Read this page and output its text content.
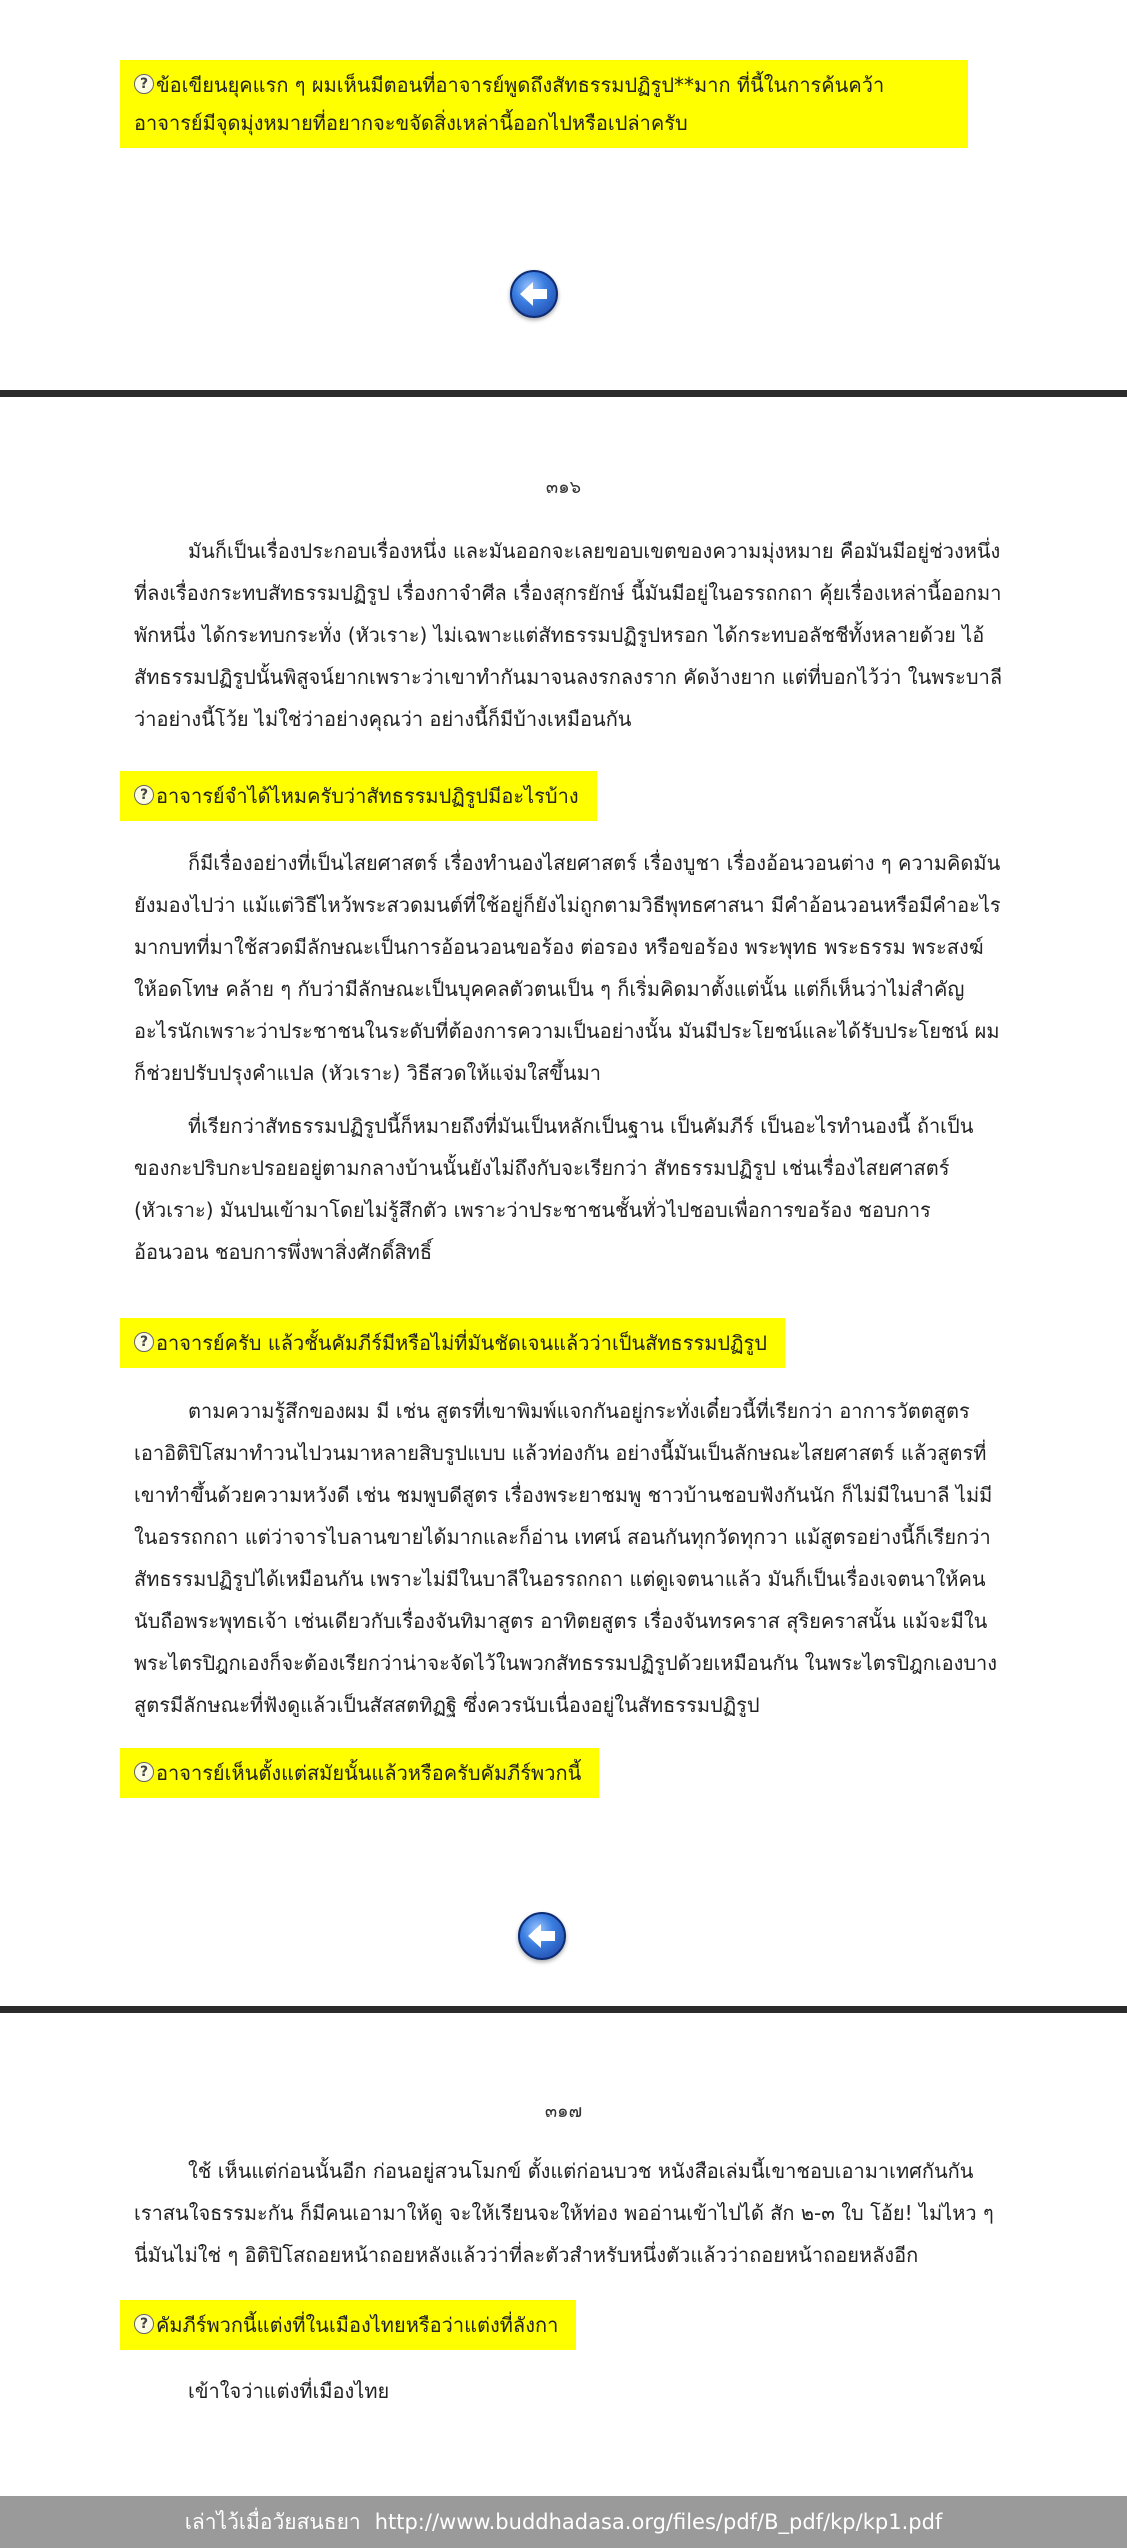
? ข้อเขียนยุคแรก ๆ ผมเห็นมีตอนที่อาจารย์พูดถึงสัทธรรมปฏิรูป**มาก ที่นี้ในการค้นคว้า อาจารย์มีจุดมุ่งหมายที่อยากจะขจัดสิ่งเหล่านี้ออกไปหรือเปล่าครับ
๓๑๖
มันก็เป็นเรื่องประกอบเรื่องหนึ่ง และมันออกจะเลยขอบเขตของความมุ่งหมาย คือมันมีอยู่ช่วงหนึ่งที่ลงเรื่องกระทบสัทธรรมปฏิรูป เรื่องกาจำศีล เรื่องสุกรยักษ์ นี้มันมีอยู่ในอรรถกถา คุ้ยเรื่องเหล่านี้ออกมาพักหนึ่ง ได้กระทบกระทั่ง (หัวเราะ) ไม่เฉพาะแต่สัทธรรมปฏิรูปหรอก ได้กระทบอลัชชีทั้งหลายด้วย ไอ้สัทธรรมปฏิรูปนั้นพิสูจน์ยากเพราะว่าเขาทำกันมาจนลงรกลงราก คัดง้างยาก แต่ที่บอกไว้ว่า ในพระบาลีว่าอย่างนี้โว้ย ไม่ใช่ว่าอย่างคุณว่า อย่างนี้ก็มีบ้างเหมือนกัน
? อาจารย์จำได้ไหมครับว่าสัทธรรมปฏิรูปมีอะไรบ้าง
ก็มีเรื่องอย่างที่เป็นไสยศาสตร์ เรื่องทำนองไสยศาสตร์ เรื่องบูชา เรื่องอ้อนวอนต่าง ๆ ความคิดมันยังมองไปว่า แม้แต่วิธีไหว้พระสวดมนต์ที่ใช้อยู่ก็ยังไม่ถูกตามวิธีพุทธศาสนา มีคำอ้อนวอนหรือมีคำอะไรมากบทที่มาใช้สวดมีลักษณะเป็นการอ้อนวอนขอร้อง ต่อรอง หรือขอร้อง พระพุทธ พระธรรม พระสงฆ์ให้อดโทษ คล้าย ๆ กับว่ามีลักษณะเป็นบุคคลตัวตนเป็น ๆ ก็เริ่มคิดมาตั้งแต่นั้น แต่ก็เห็นว่าไม่สำคัญอะไรนักเพราะว่าประชาชนในระดับที่ต้องการความเป็นอย่างนั้น มันมีประโยชน์และได้รับประโยชน์ ผมก็ช่วยปรับปรุงคำแปล (หัวเราะ) วิธีสวดให้แจ่มใสขึ้นมา
ที่เรียกว่าสัทธรรมปฏิรูปนี้ก็หมายถึงที่มันเป็นหลักเป็นฐาน เป็นคัมภีร์ เป็นอะไรทำนองนี้ ถ้าเป็นของกะปริบกะปรอยอยู่ตามกลางบ้านนั้นยังไม่ถึงกับจะเรียกว่า สัทธรรมปฏิรูป เช่นเรื่องไสยศาสตร์ (หัวเราะ) มันปนเข้ามาโดยไม่รู้สึกตัว เพราะว่าประชาชนชั้นทั่วไปชอบเพื่อการขอร้อง ชอบการอ้อนวอน ชอบการพึ่งพาสิ่งศักดิ์สิทธิ์
? อาจารย์ครับ แล้วชั้นคัมภีร์มีหรือไม่ที่มันชัดเจนแล้วว่าเป็นสัทธรรมปฏิรูป
ตามความรู้สึกของผม มี เช่น สูตรที่เขาพิมพ์แจกกันอยู่กระทั่งเดี๋ยวนี้ที่เรียกว่า อาการวัตตสูตร เอาอิติปิโสมาทำวนไปวนมาหลายสิบรูปแบบ แล้วท่องกัน อย่างนี้มันเป็นลักษณะไสยศาสตร์ แล้วสูตรที่เขาทำขึ้นด้วยความหวังดี เช่น ชมพูบดีสูตร เรื่องพระยาชมพู ชาวบ้านชอบฟังกันนัก ก็ไม่มีในบาลี ไม่มีในอรรถกถา แต่ว่าจารไบลานขายได้มากและก็อ่าน เทศน์ สอนกันทุกวัดทุกวา แม้สูตรอย่างนี้ก็เรียกว่าสัทธรรมปฏิรูปได้เหมือนกัน เพราะไม่มีในบาลีในอรรถกถา แต่ดูเจตนาแล้ว มันก็เป็นเรื่องเจตนาให้คนนับถือพระพุทธเจ้า เช่นเดียวกับเรื่องจันทิมาสูตร อาทิตยสูตร เรื่องจันทรคราส สุริยคราสนั้น แม้จะมีในพระไตรปิฎกเองก็จะต้องเรียกว่าน่าจะจัดไว้ในพวกสัทธรรมปฏิรูปด้วยเหมือนกัน ในพระไตรปิฎกเองบางสูตรมีลักษณะที่ฟังดูแล้วเป็นสัสสตทิฏฐิ ซึ่งควรนับเนื่องอยู่ในสัทธรรมปฏิรูป
? อาจารย์เห็นตั้งแต่สมัยนั้นแล้วหรือครับคัมภีร์พวกนี้
๓๑๗
ใช้ เห็นแต่ก่อนนั้นอีก ก่อนอยู่สวนโมกข์ ตั้งแต่ก่อนบวช หนังสือเล่มนี้เขาชอบเอามาเทศกันกัน เราสนใจธรรมะกัน ก็มีคนเอามาให้ดู จะให้เรียนจะให้ท่อง พออ่านเข้าไปได้ สัก ๒-๓ ใบ โอ้ย! ไม่ไหว ๆ นี่มันไม่ใช่ ๆ อิติปิโสถอยหน้าถอยหลังแล้วว่าที่ละตัวสำหรับหนึ่งตัวแล้วว่าถอยหน้าถอยหลังอีก
? คัมภีร์พวกนี้แต่งที่ในเมืองไทยหรือว่าแต่งที่ลังกา
เข้าใจว่าแต่งที่เมืองไทย
เล่าไว้เมื่อวัยสนธยา http://www.buddhadasa.org/files/pdf/B_pdf/kp/kp1.pdf
